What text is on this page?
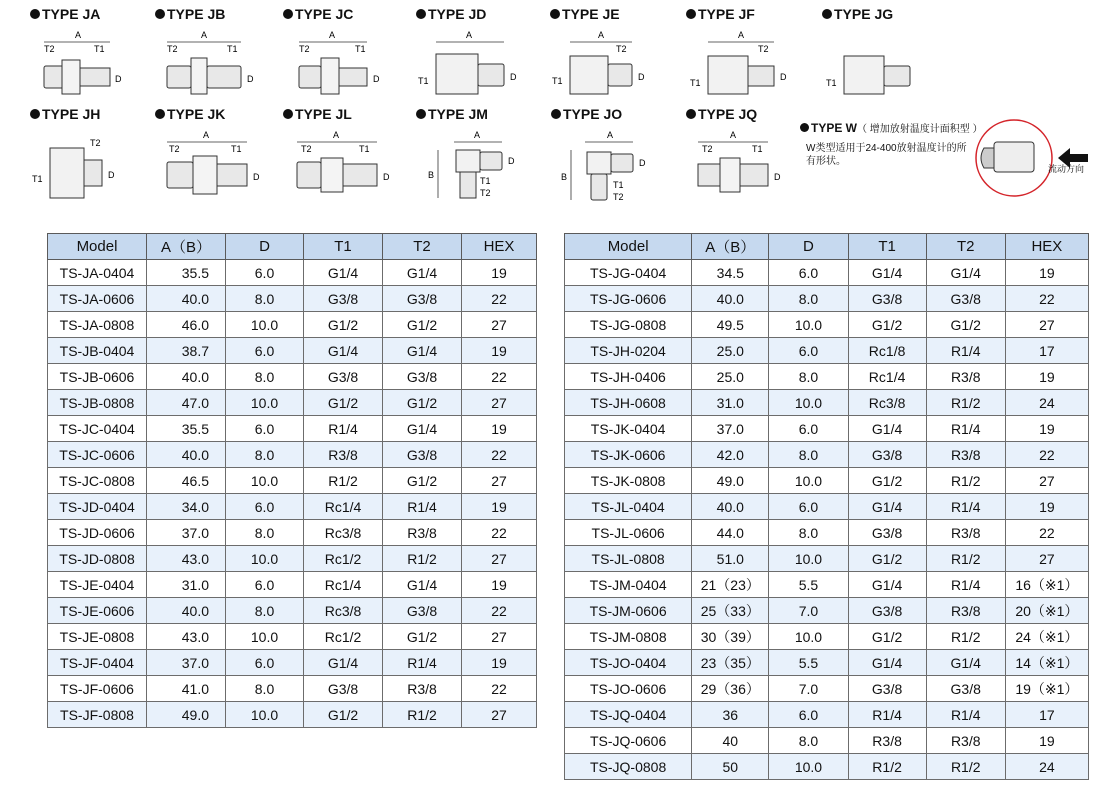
TYPE JA
A
T2	T1
D
TYPE JB
A
T2	T1
D
TYPE JC
A
T2	T1
D
TYPE JD
A
T1	D
TYPE JE
A
T2
T1	D
TYPE JF
A
T2
T1
D
TYPE JG
T1
TYPE JH
T2
T1	D
TYPE JK
A
T2	T1
D
TYPE JL
A
T2	T1
D
TYPE JM
A
B
D
T1
T2
TYPE JO
A
B
D
T1
T2
TYPE JQ
A
T2	T1
D
TYPE W（ 增加放射温度计面积型 ）
W类型适用于24-400放射温度计的所有形状。
流动方向
Model	A（B）	D	T1	T2	HEX
TS-JA-0404	35.5	6.0	G1/4	G1/4	19
TS-JA-0606	40.0	8.0	G3/8	G3/8	22
TS-JA-0808	46.0	10.0	G1/2	G1/2	27
TS-JB-0404	38.7	6.0	G1/4	G1/4	19
TS-JB-0606	40.0	8.0	G3/8	G3/8	22
TS-JB-0808	47.0	10.0	G1/2	G1/2	27
TS-JC-0404	35.5	6.0	R1/4	G1/4	19
TS-JC-0606	40.0	8.0	R3/8	G3/8	22
TS-JC-0808	46.5	10.0	R1/2	G1/2	27
TS-JD-0404	34.0	6.0	Rc1/4	R1/4	19
TS-JD-0606	37.0	8.0	Rc3/8	R3/8	22
TS-JD-0808	43.0	10.0	Rc1/2	R1/2	27
TS-JE-0404	31.0	6.0	Rc1/4	G1/4	19
TS-JE-0606	40.0	8.0	Rc3/8	G3/8	22
TS-JE-0808	43.0	10.0	Rc1/2	G1/2	27
TS-JF-0404	37.0	6.0	G1/4	R1/4	19
TS-JF-0606	41.0	8.0	G3/8	R3/8	22
TS-JF-0808	49.0	10.0	G1/2	R1/2	27
Model	A（B）	D	T1	T2	HEX
TS-JG-0404	34.5	6.0	G1/4	G1/4	19
TS-JG-0606	40.0	8.0	G3/8	G3/8	22
TS-JG-0808	49.5	10.0	G1/2	G1/2	27
TS-JH-0204	25.0	6.0	Rc1/8	R1/4	17
TS-JH-0406	25.0	8.0	Rc1/4	R3/8	19
TS-JH-0608	31.0	10.0	Rc3/8	R1/2	24
TS-JK-0404	37.0	6.0	G1/4	R1/4	19
TS-JK-0606	42.0	8.0	G3/8	R3/8	22
TS-JK-0808	49.0	10.0	G1/2	R1/2	27
TS-JL-0404	40.0	6.0	G1/4	R1/4	19
TS-JL-0606	44.0	8.0	G3/8	R3/8	22
TS-JL-0808	51.0	10.0	G1/2	R1/2	27
TS-JM-0404	21（23）	5.5	G1/4	R1/4	16（※1）
TS-JM-0606	25（33）	7.0	G3/8	R3/8	20（※1）
TS-JM-0808	30（39）	10.0	G1/2	R1/2	24（※1）
TS-JO-0404	23（35）	5.5	G1/4	G1/4	14（※1）
TS-JO-0606	29（36）	7.0	G3/8	G3/8	19（※1）
TS-JQ-0404	36	6.0	R1/4	R1/4	17
TS-JQ-0606	40	8.0	R3/8	R3/8	19
TS-JQ-0808	50	10.0	R1/2	R1/2	24
